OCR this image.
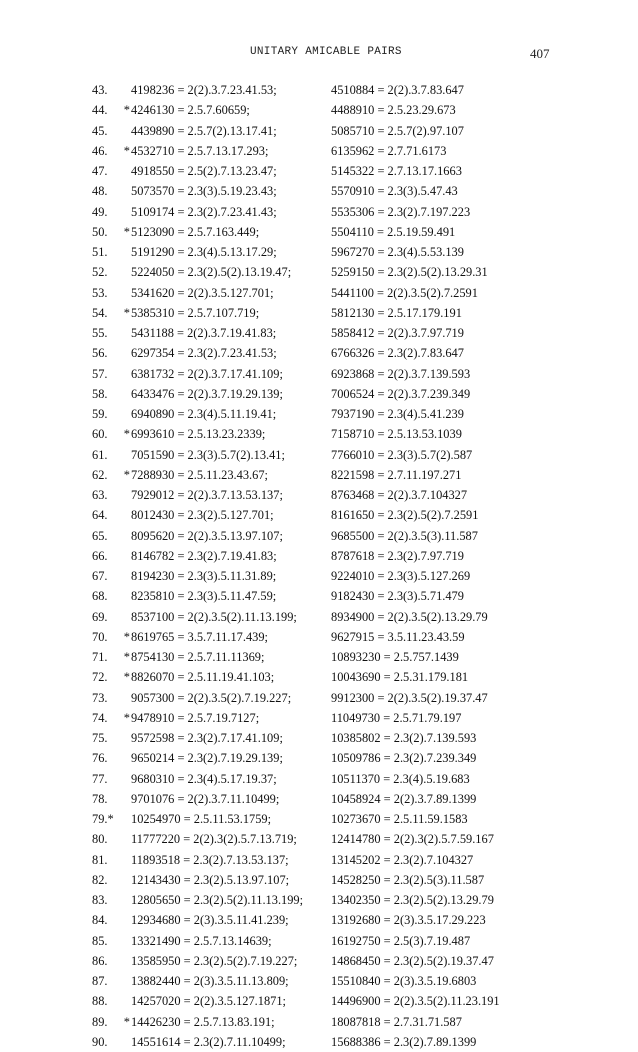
UNITARY AMICABLE PAIRS	407
43. 4198236 = 2(2).3.7.23.41.53;	4510884 = 2(2).3.7.83.647
44.	* 4246130 = 2.5.7.60659;	4488910 = 2.5.23.29.673
45. 4439890 = 2.5.7(2).13.17.41;	5085710 = 2.5.7(2).97.107
46.	* 4532710 = 2.5.7.13.17.293;	6135962 = 2.7.71.6173
47. 4918550 = 2.5(2).7.13.23.47;	5145322 = 2.7.13.17.1663
48. 5073570 = 2.3(3).5.19.23.43;	5570910 = 2.3(3).5.47.43
49. 5109174 = 2.3(2).7.23.41.43;	5535306 = 2.3(2).7.197.223
50.	* 5123090 = 2.5.7.163.449;	5504110 = 2.5.19.59.491
51. 5191290 = 2.3(4).5.13.17.29;	5967270 = 2.3(4).5.53.139
52. 5224050 = 2.3(2).5(2).13.19.47;	5259150 = 2.3(2).5(2).13.29.31
53. 5341620 = 2(2).3.5.127.701;	5441100 = 2(2).3.5(2).7.2591
54.	* 5385310 = 2.5.7.107.719;	5812130 = 2.5.17.179.191
55. 5431188 = 2(2).3.7.19.41.83;	5858412 = 2(2).3.7.97.719
56. 6297354 = 2.3(2).7.23.41.53;	6766326 = 2.3(2).7.83.647
57. 6381732 = 2(2).3.7.17.41.109;	6923868 = 2(2).3.7.139.593
58. 6433476 = 2(2).3.7.19.29.139;	7006524 = 2(2).3.7.239.349
59. 6940890 = 2.3(4).5.11.19.41;	7937190 = 2.3(4).5.41.239
60.	* 6993610 = 2.5.13.23.2339;	7158710 = 2.5.13.53.1039
61. 7051590 = 2.3(3).5.7(2).13.41;	7766010 = 2.3(3).5.7(2).587
62.	* 7288930 = 2.5.11.23.43.67;	8221598 = 2.7.11.197.271
63. 7929012 = 2(2).3.7.13.53.137;	8763468 = 2(2).3.7.104327
64. 8012430 = 2.3(2).5.127.701;	8161650 = 2.3(2).5(2).7.2591
65. 8095620 = 2(2).3.5.13.97.107;	9685500 = 2(2).3.5(3).11.587
66. 8146782 = 2.3(2).7.19.41.83;	8787618 = 2.3(2).7.97.719
67. 8194230 = 2.3(3).5.11.31.89;	9224010 = 2.3(3).5.127.269
68. 8235810 = 2.3(3).5.11.47.59;	9182430 = 2.3(3).5.71.479
69. 8537100 = 2(2).3.5(2).11.13.199;	8934900 = 2(2).3.5(2).13.29.79
70.	* 8619765 = 3.5.7.11.17.439;	9627915 = 3.5.11.23.43.59
71.	* 8754130 = 2.5.7.11.11369;	10893230 = 2.5.757.1439
72.	* 8826070 = 2.5.11.19.41.103;	10043690 = 2.5.31.179.181
73. 9057300 = 2(2).3.5(2).7.19.227;	9912300 = 2(2).3.5(2).19.37.47
74.	* 9478910 = 2.5.7.19.7127;	11049730 = 2.5.71.79.197
75. 9572598 = 2.3(2).7.17.41.109;	10385802 = 2.3(2).7.139.593
76. 9650214 = 2.3(2).7.19.29.139;	10509786 = 2.3(2).7.239.349
77. 9680310 = 2.3(4).5.17.19.37;	10511370 = 2.3(4).5.19.683
78. 9701076 = 2(2).3.7.11.10499;	10458924 = 2(2).3.7.89.1399
79.* 10254970 = 2.5.11.53.1759;	10273670 = 2.5.11.59.1583
80. 11777220 = 2(2).3(2).5.7.13.719;	12414780 = 2(2).3(2).5.7.59.167
81. 11893518 = 2.3(2).7.13.53.137;	13145202 = 2.3(2).7.104327
82. 12143430 = 2.3(2).5.13.97.107;	14528250 = 2.3(2).5(3).11.587
83. 12805650 = 2.3(2).5(2).11.13.199; 13402350 = 2.3(2).5(2).13.29.79
84. 12934680 = 2(3).3.5.11.41.239;	13192680 = 2(3).3.5.17.29.223
85. 13321490 = 2.5.7.13.14639;	16192750 = 2.5(3).7.19.487
86. 13585950 = 2.3(2).5(2).7.19.227;	14868450 = 2.3(2).5(2).19.37.47
87. 13882440 = 2(3).3.5.11.13.809;	15510840 = 2(3).3.5.19.6803
88. 14257020 = 2(2).3.5.127.1871;	14496900 = 2(2).3.5(2).11.23.191
89.	* 14426230 = 2.5.7.13.83.191;	18087818 = 2.7.31.71.587
90. 14551614 = 2.3(2).7.11.10499;	15688386 = 2.3(2).7.89.1399
